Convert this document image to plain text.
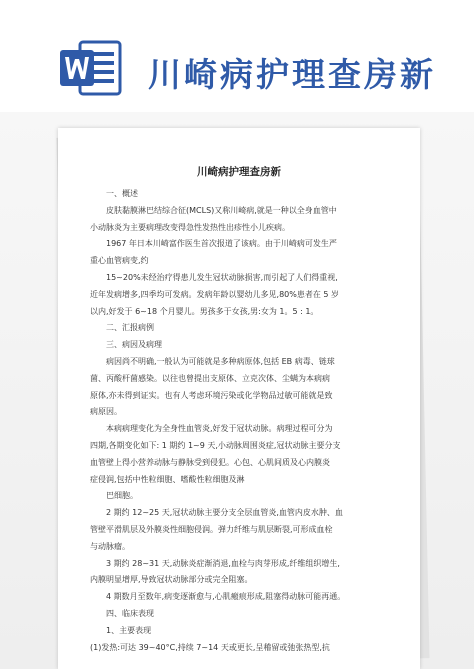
川崎病护理查房新
川崎病护理查房新

一、概述

皮肤黏膜淋巴结综合征(MCLS)又称川崎病,就是一种以全身血管中

小动脉炎为主要病理改变得急性发热性出疹性小儿疾病。

1967 年日本川崎富作医生首次报道了该病。由于川崎病可发生严

重心血管病变,约

15~20%未经治疗得患儿发生冠状动脉损害,而引起了人们得重视,

近年发病增多,四季均可发病。发病年龄以婴幼儿多见,80%患者在 5 岁

以内,好发于 6~18 个月婴儿。男孩多于女孩,男:女为 1。5 : 1。

二、汇报病例

三、病因及病理

病因尚不明确,一般认为可能就是多种病原体,包括 EB 病毒、链球

菌、丙酸杆菌感染。以往也曾提出支原体、立克次体、尘螨为本病病

原体,亦未得到证实。也有人考虑环境污染或化学物品过敏可能就是致

病原因。

本病病理变化为全身性血管炎,好发于冠状动脉。病理过程可分为

四期,各期变化如下: 1 期约 1~9 天,小动脉周围炎症,冠状动脉主要分支

血管壁上得小营养动脉与静脉受到侵犯。心包、心肌间质及心内膜炎

症侵润,包括中性粒细胞、嗜酸性粒细胞及淋

巴细胞。

2 期约 12~25 天,冠状动脉主要分支全层血管炎,血管内皮水肿、血

管壁平滑肌层及外膜炎性细胞侵润。弹力纤维与肌层断裂,可形成血栓

与动脉瘤。

3 期约 28~31 天,动脉炎症渐消退,血栓与肉芽形成,纤维组织增生,

内膜明显增厚,导致冠状动脉部分或完全阻塞。

4 期数月至数年,病变逐渐愈与,心肌瘢痕形成,阻塞得动脉可能再通。

四、临床表现

1、主要表现

(1)发热:可达 39~40°C,持续 7~14 天或更长,呈稽留或弛张热型,抗
